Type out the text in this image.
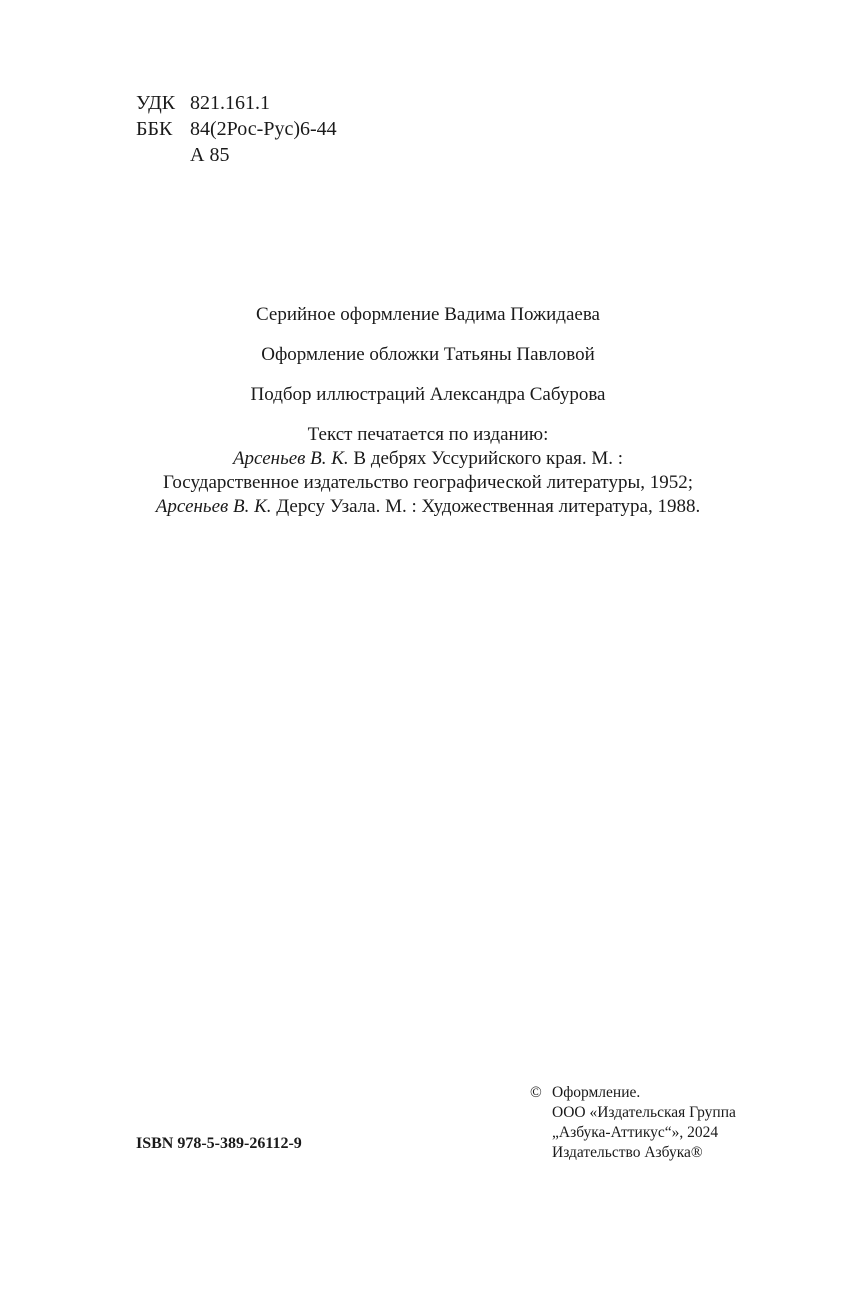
УДК 821.161.1
ББК 84(2Рос-Рус)6-44
А 85
Серийное оформление Вадима Пожидаева
Оформление обложки Татьяны Павловой
Подбор иллюстраций Александра Сабурова
Текст печатается по изданию:
Арсеньев В. К. В дебрях Уссурийского края. М. :
Государственное издательство географической литературы, 1952;
Арсеньев В. К. Дерсу Узала. М. : Художественная литература, 1988.
ISBN 978-5-389-26112-9
© Оформление.
ООО «Издательская Группа
„Азбука-Аттикус“», 2024
Издательство Азбука®
